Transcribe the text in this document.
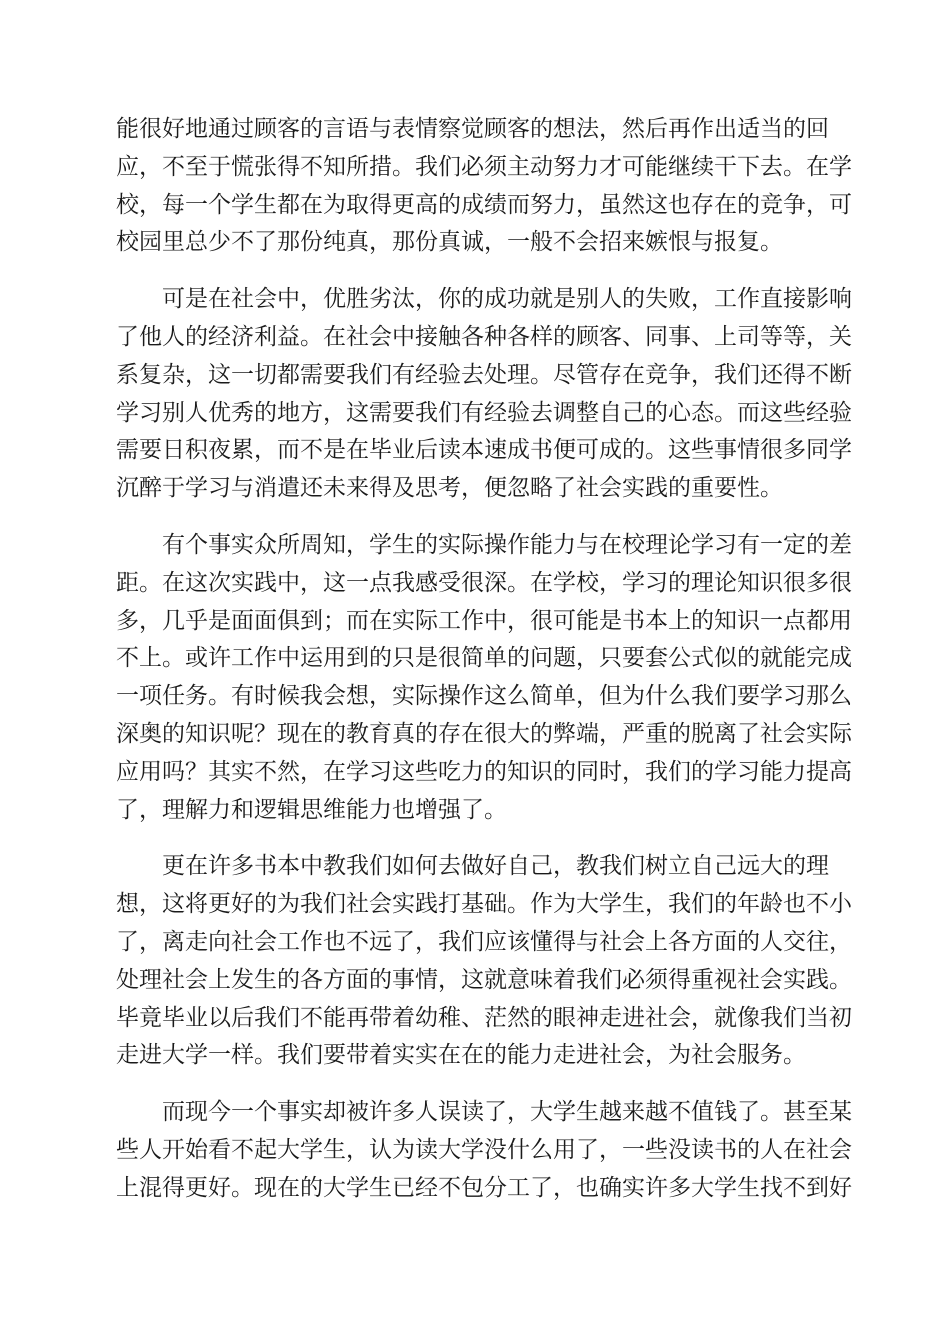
能很好地通过顾客的言语与表情察觉顾客的想法，然后再作出适当的回
应，不至于慌张得不知所措。我们必须主动努力才可能继续干下去。在学
校，每一个学生都在为取得更高的成绩而努力，虽然这也存在的竞争，可
校园里总少不了那份纯真，那份真诚，一般不会招来嫉恨与报复。
可是在社会中，优胜劣汰，你的成功就是别人的失败，工作直接影响
了他人的经济利益。在社会中接触各种各样的顾客、同事、上司等等，关
系复杂，这一切都需要我们有经验去处理。尽管存在竞争，我们还得不断
学习别人优秀的地方，这需要我们有经验去调整自己的心态。而这些经验
需要日积夜累，而不是在毕业后读本速成书便可成的。这些事情很多同学
沉醉于学习与消遣还未来得及思考，便忽略了社会实践的重要性。
有个事实众所周知，学生的实际操作能力与在校理论学习有一定的差
距。在这次实践中，这一点我感受很深。在学校，学习的理论知识很多很
多，几乎是面面俱到；而在实际工作中，很可能是书本上的知识一点都用
不上。或许工作中运用到的只是很简单的问题，只要套公式似的就能完成
一项任务。有时候我会想，实际操作这么简单，但为什么我们要学习那么
深奥的知识呢？现在的教育真的存在很大的弊端，严重的脱离了社会实际
应用吗？其实不然，在学习这些吃力的知识的同时，我们的学习能力提高
了，理解力和逻辑思维能力也增强了。
更在许多书本中教我们如何去做好自己，教我们树立自己远大的理
想，这将更好的为我们社会实践打基础。作为大学生，我们的年龄也不小
了，离走向社会工作也不远了，我们应该懂得与社会上各方面的人交往，
处理社会上发生的各方面的事情，这就意味着我们必须得重视社会实践。
毕竟毕业以后我们不能再带着幼稚、茫然的眼神走进社会，就像我们当初
走进大学一样。我们要带着实实在在的能力走进社会，为社会服务。
而现今一个事实却被许多人误读了，大学生越来越不值钱了。甚至某
些人开始看不起大学生，认为读大学没什么用了，一些没读书的人在社会
上混得更好。现在的大学生已经不包分工了，也确实许多大学生找不到好
